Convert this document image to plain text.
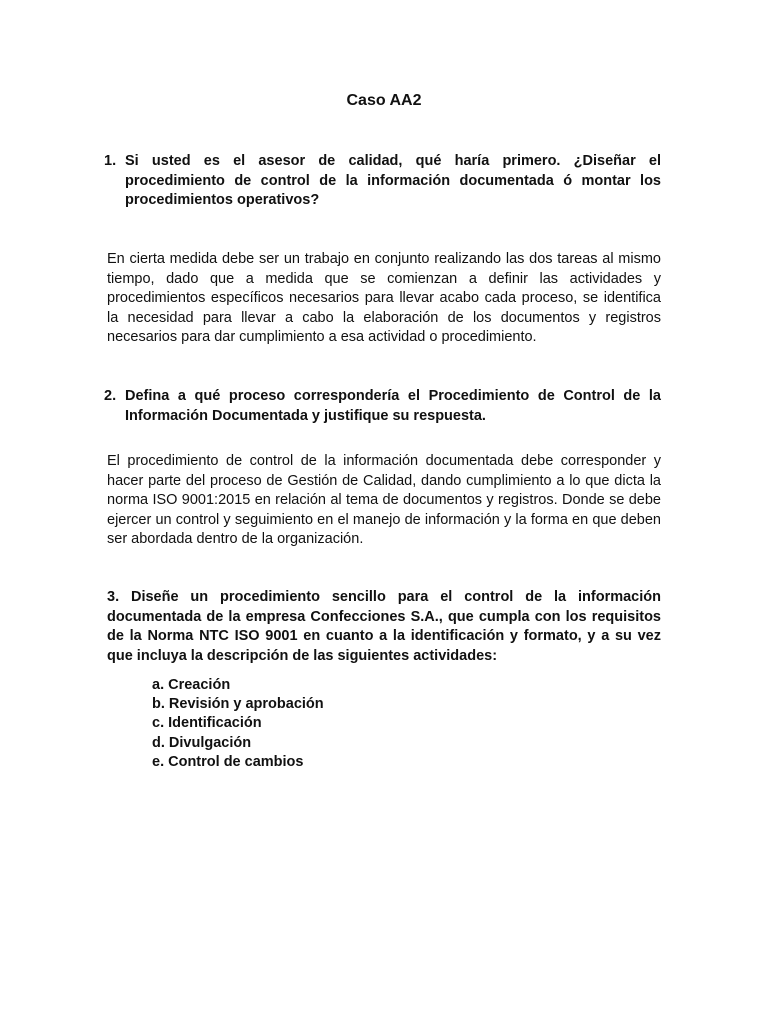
Caso AA2
1. Si usted es el asesor de calidad, qué haría primero. ¿Diseñar el procedimiento de control de la información documentada ó montar los procedimientos operativos?
En cierta medida debe ser un trabajo en conjunto realizando las dos tareas al mismo tiempo, dado que a medida que se comienzan a definir las actividades y procedimientos específicos necesarios para llevar acabo cada proceso, se identifica la necesidad para llevar a cabo la elaboración de los documentos y registros necesarios para dar cumplimiento a esa actividad o procedimiento.
2. Defina a qué proceso correspondería el Procedimiento de Control de la Información Documentada y justifique su respuesta.
El procedimiento de control de la información documentada debe corresponder y hacer parte del proceso de Gestión de Calidad, dando cumplimiento a lo que dicta la norma ISO 9001:2015 en relación al tema de documentos y registros. Donde se debe ejercer un control y seguimiento en el manejo de información y la forma en que deben ser abordada dentro de la organización.
3. Diseñe un procedimiento sencillo para el control de la información documentada de la empresa Confecciones S.A., que cumpla con los requisitos de la Norma NTC ISO 9001 en cuanto a la identificación y formato, y a su vez que incluya la descripción de las siguientes actividades:
a. Creación
b. Revisión y aprobación
c. Identificación
d. Divulgación
e. Control de cambios
